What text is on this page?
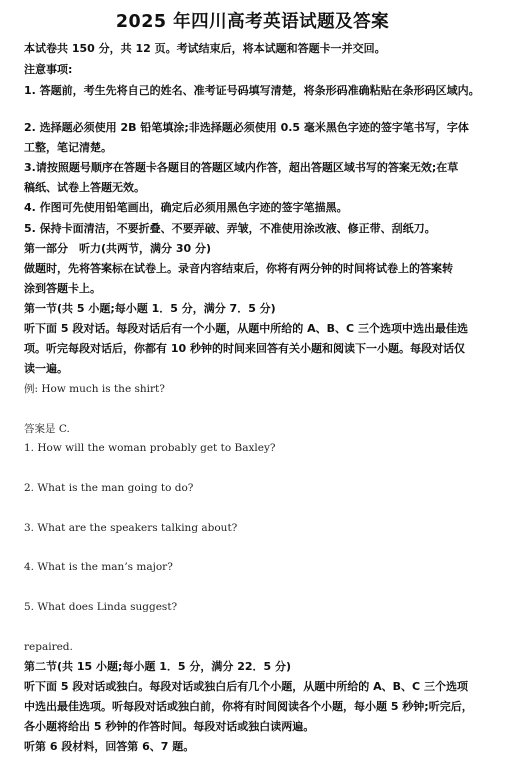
2025 年四川高考英语试题及答案
本试卷共 150 分，共 12 页。考试结束后，将本试题和答题卡一并交回。
注意事项:
1. 答题前，考生先将自己的姓名、准考证号码填写清楚，将条形码准确粘贴在条形码区域内。
2. 选择题必须使用 2B 铅笔填涂;非选择题必须使用 0.5 毫米黑色字迹的签字笔书写，字体
工整，笔记清楚。
3.请按照题号顺序在答题卡各题目的答题区域内作答，超出答题区域书写的答案无效;在草
稿纸、试卷上答题无效。
4. 作图可先使用铅笔画出，确定后必须用黑色字迹的签字笔描黑。
5. 保持卡面清洁，不要折叠、不要弄破、弄皱，不准使用涂改液、修正带、刮纸刀。
第一部分　听力(共两节，满分 30 分)
做题时，先将答案标在试卷上。录音内容结束后，你将有两分钟的时间将试卷上的答案转
涂到答题卡上。
第一节(共 5 小题;每小题 1．5 分，满分 7．5 分)
听下面 5 段对话。每段对话后有一个小题，从题中所给的 A、B、C 三个选项中选出最佳选
项。听完每段对话后，你都有 10 秒钟的时间来回答有关小题和阅读下一小题。每段对话仅
读一遍。
例: How much is the shirt?
答案是 C.
1. How will the woman probably get to Baxley?
2. What is the man going to do?
3. What are the speakers talking about?
4. What is the man’s major?
5. What does Linda suggest?
repaired.
第二节(共 15 小题;每小题 1．5 分，满分 22．5 分)
听下面 5 段对话或独白。每段对话或独白后有几个小题，从题中所给的 A、B、C 三个选项
中选出最佳选项。听每段对话或独白前，你将有时间阅读各个小题，每小题 5 秒钟;听完后，
各小题将给出 5 秒钟的作答时间。每段对话或独白读两遍。
听第 6 段材料，回答第 6、7 题。
